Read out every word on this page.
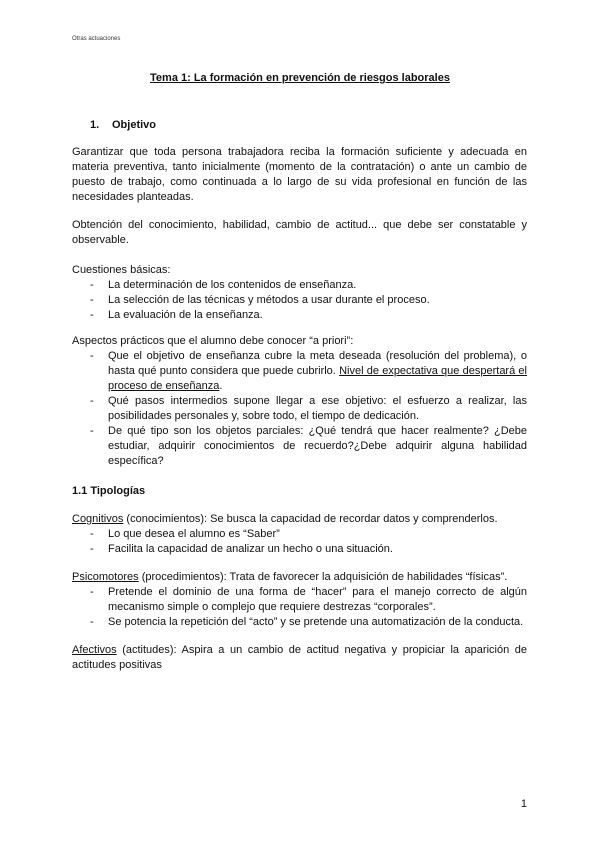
Otras actuaciones
Tema 1: La formación en prevención de riesgos laborales
1. Objetivo
Garantizar que toda persona trabajadora reciba la formación suficiente y adecuada en materia preventiva, tanto inicialmente (momento de la contratación) o ante un cambio de puesto de trabajo, como continuada a lo largo de su vida profesional en función de las necesidades planteadas.
Obtención del conocimiento, habilidad, cambio de actitud... que debe ser constatable y observable.
Cuestiones básicas:
- La determinación de los contenidos de enseñanza.
- La selección de las técnicas y métodos a usar durante el proceso.
- La evaluación de la enseñanza.
Aspectos prácticos que el alumno debe conocer “a priori”:
- Que el objetivo de enseñanza cubre la meta deseada (resolución del problema), o hasta qué punto considera que puede cubrirlo. Nivel de expectativa que despertará el proceso de enseñanza.
- Qué pasos intermedios supone llegar a ese objetivo: el esfuerzo a realizar, las posibilidades personales y, sobre todo, el tiempo de dedicación.
- De qué tipo son los objetos parciales: ¿Qué tendrá que hacer realmente? ¿Debe estudiar, adquirir conocimientos de recuerdo?¿Debe adquirir alguna habilidad específica?
1.1 Tipologías
Cognitivos (conocimientos): Se busca la capacidad de recordar datos y comprenderlos.
- Lo que desea el alumno es “Saber”
- Facilita la capacidad de analizar un hecho o una situación.
Psicomotores (procedimientos): Trata de favorecer la adquisición de habilidades “físicas”.
- Pretende el dominio de una forma de “hacer” para el manejo correcto de algún mecanismo simple o complejo que requiere destrezas “corporales”.
- Se potencia la repetición del “acto” y se pretende una automatización de la conducta.
Afectivos (actitudes): Aspira a un cambio de actitud negativa y propiciar la aparición de actitudes positivas
1
